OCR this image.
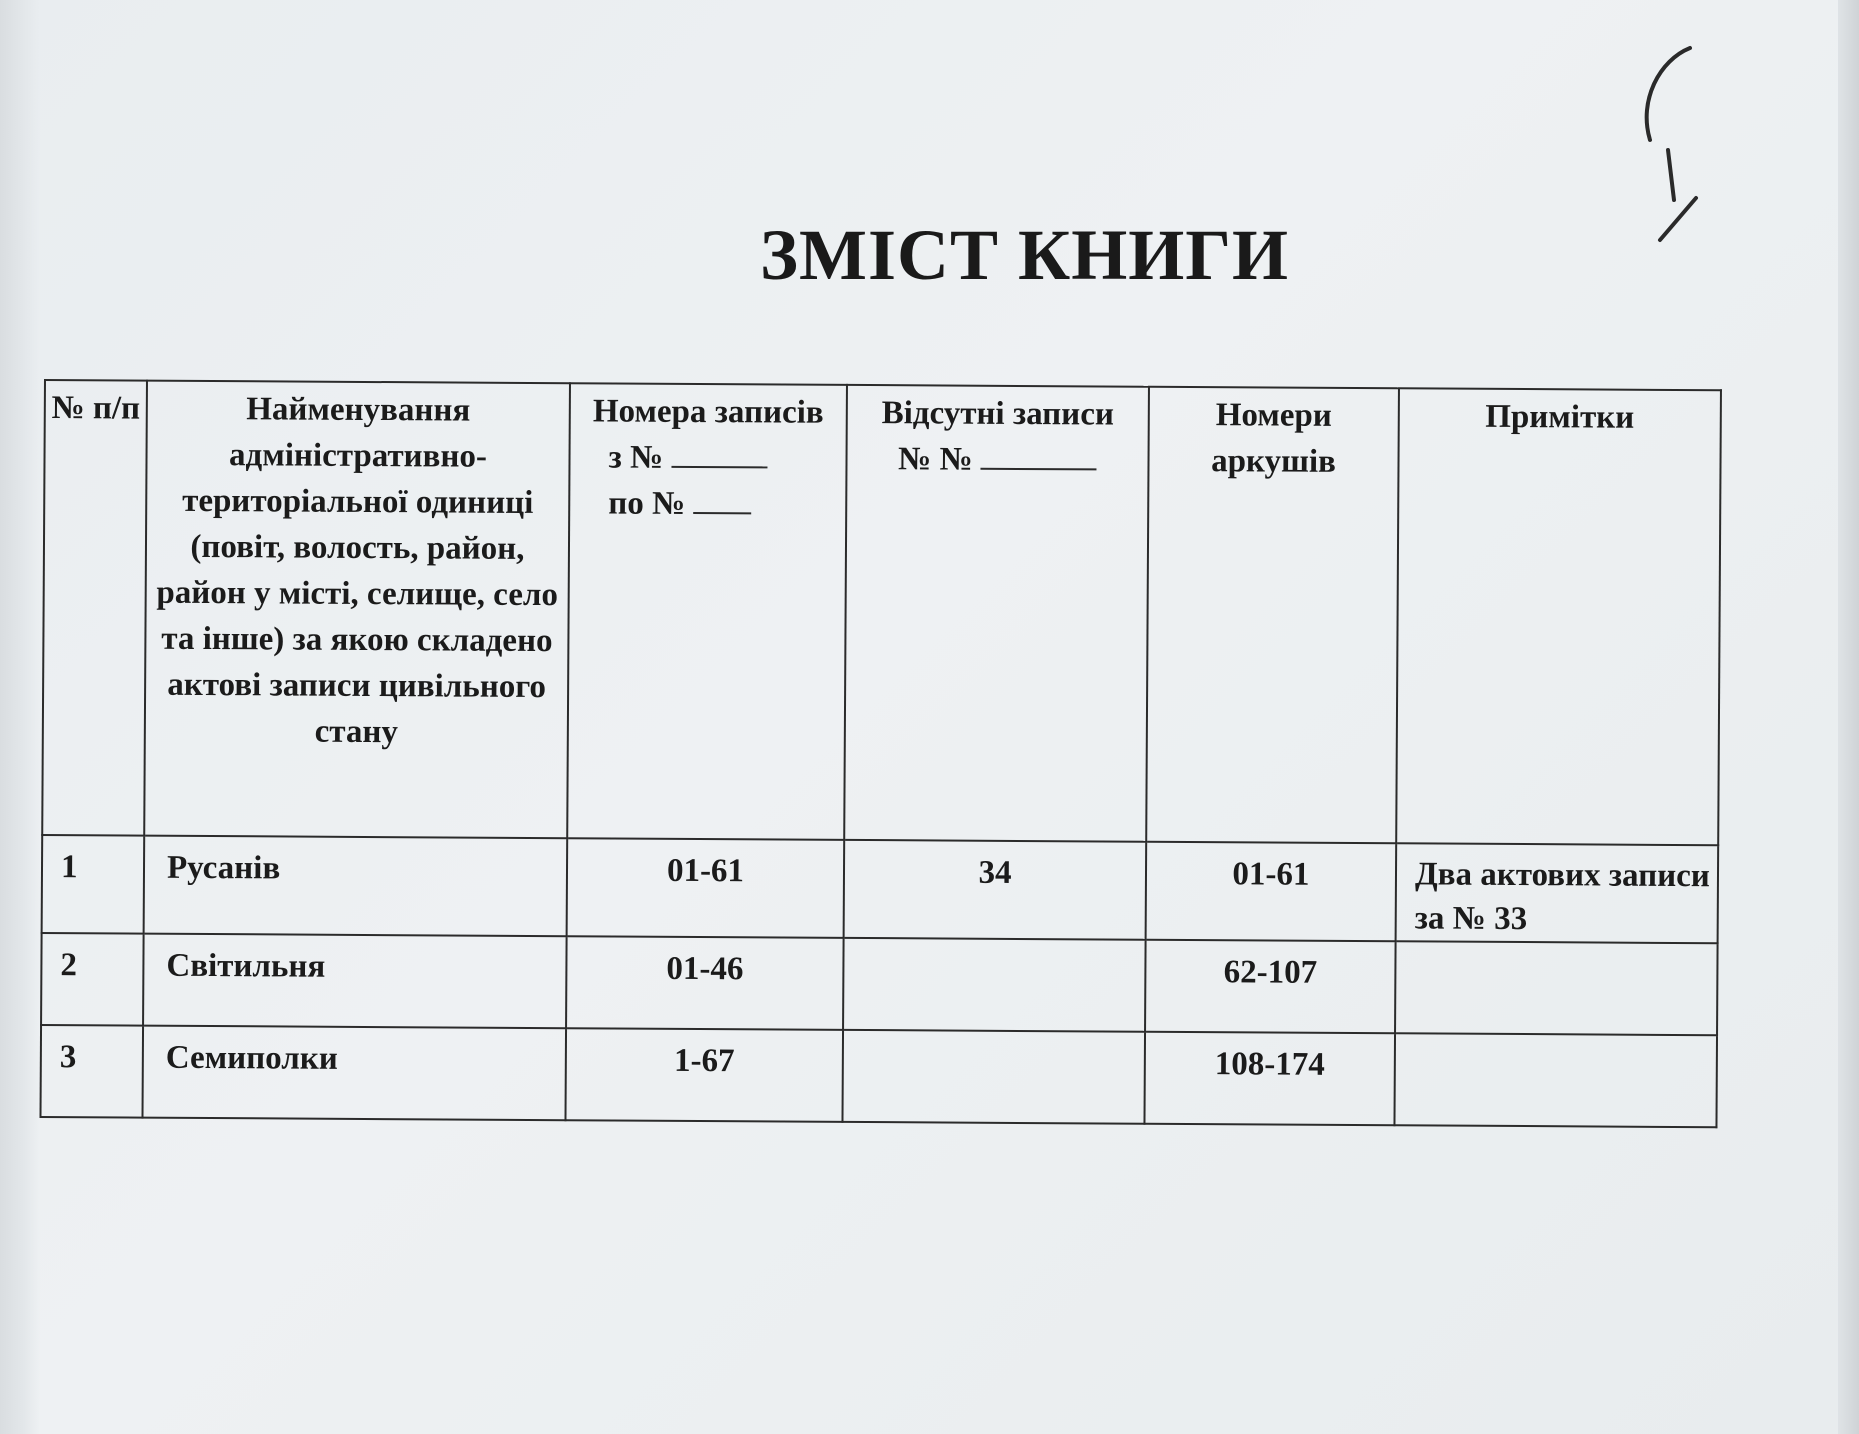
ЗМІСТ КНИГИ
№ п/п	Найменування адміністративно-територіальної одиниці (повіт, волость, район, район у місті, селище, село та інше) за якою складено актові записи цивільного стану	Номера записів
з №
по №	Відсутні записи
№ №	Номери аркушів	Примітки

1	Русанів	01-61	34	01-61	Два актових записи за № 33

2	Світильня	01-46		62-107	

3	Семиполки	1-67		108-174	
